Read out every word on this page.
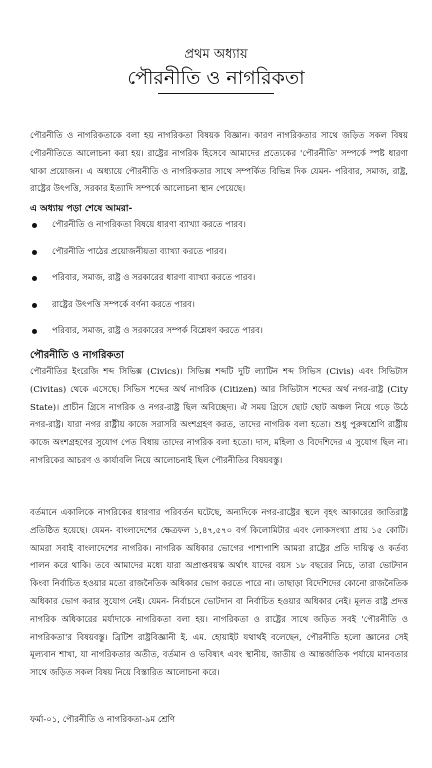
প্রথম অধ্যায়
পৌরনীতি ও নাগরিকতা

পৌরনীতি ও নাগরিকতাকে বলা হয় নাগরিকতা বিষয়ক বিজ্ঞান। কারণ নাগরিকতার সাথে জড়িত সকল বিষয় পৌরনীতিতে আলোচনা করা হয়। রাষ্ট্রের নাগরিক হিসেবে আমাদের প্রত্যেকের 'পৌরনীতি' সম্পর্কে স্পষ্ট ধারণা থাকা প্রয়োজন। এ অধ্যায়ে পৌরনীতি ও নাগরিকতার সাথে সম্পর্কিত বিভিন্ন দিক যেমন- পরিবার, সমাজ, রাষ্ট্র, রাষ্ট্রের উৎপত্তি, সরকার ইত্যাদি সম্পর্কে আলোচনা স্থান পেয়েছে।

এ অধ্যায় পড়া শেষে আমরা-

পৌরনীতি ও নাগরিকতা বিষয়ে ধারণা ব্যাখ্যা করতে পারব।
পৌরনীতি পাঠের প্রয়োজনীয়তা ব্যাখ্যা করতে পারব।
পরিবার, সমাজ, রাষ্ট্র ও সরকারের ধারণা ব্যাখ্যা করতে পারব।
রাষ্ট্রের উৎপত্তি সম্পর্কে বর্ণনা করতে পারব।
পরিবার, সমাজ, রাষ্ট্র ও সরকারের সম্পর্ক বিশ্লেষণ করতে পারব।

পৌরনীতি ও নাগরিকতা

পৌরনীতির ইংরেজি শব্দ সিভিক্স (Civics)। সিভিক্স শব্দটি দুটি ল্যাটিন শব্দ সিভিস (Civis) এবং সিভিটাস (Civitas) থেকে এসেছে। সিভিস শব্দের অর্থ নাগরিক (Citizen) আর সিভিটাস শব্দের অর্থ নগর-রাষ্ট্র (City State)। প্রাচীন গ্রিসে নাগরিক ও নগর-রাষ্ট্র ছিল অবিচ্ছেদ্য। ঐ সময় গ্রিসে ছোট ছোট অঞ্চল নিয়ে গড়ে উঠে নগর-রাষ্ট্র। যারা নগর রাষ্ট্রীয় কাজে সরাসরি অংশগ্রহণ করত, তাদের নাগরিক বলা হতো। শুধু পুরুষশ্রেণি রাষ্ট্রীয় কাজে অংশগ্রহণের সুযোগ পেত বিধায় তাদের নাগরিক বলা হতো। দাস, মহিলা ও বিদেশিদের এ সুযোগ ছিল না। নাগরিকের আচরণ ও কার্যাবলি নিয়ে আলোচনাই ছিল পৌরনীতির বিষয়বস্তু।

বর্তমানে একালিকে নাগরিকের ধারণার পরিবর্তন ঘটেছে, অন্যদিকে নগর-রাষ্ট্রের স্থলে বৃহৎ আকারের জাতিরাষ্ট্র প্রতিষ্ঠিত হয়েছে। যেমন- বাংলাদেশের ক্ষেত্রফল ১,৪৭,৫৭০ বর্গ কিলোমিটার এবং লোকসংখ্যা প্রায় ১৫ কোটি। আমরা সবাই বাংলাদেশের নাগরিক। নাগরিক অধিকার ভোগের পাশাপাশি আমরা রাষ্ট্রের প্রতি দায়িত্ব ও কর্তব্য পালন করে থাকি। তবে আমাদের মধ্যে যারা অপ্রাপ্তবয়স্ক অর্থাৎ যাদের বয়স ১৮ বছরের নিচে, তারা ভোটদান কিংবা নির্বাচিত হওয়ার মতো রাজনৈতিক অধিকার ভোগ করতে পারে না। তাছাড়া বিদেশিদের কোনো রাজনৈতিক অধিকার ভোগ করার সুযোগ নেই। যেমন- নির্বাচনে ভোটদান বা নির্বাচিত হওয়ার অধিকার নেই। মূলত রাষ্ট্র প্রদত্ত নাগরিক অধিকারের মর্যাদাকে নাগরিকতা বলা হয়। নাগরিকতা ও রাষ্ট্রের সাথে জড়িত সবই 'পৌরনীতি ও নাগরিকতা'র বিষয়বস্তু। ব্রিটিশ রাষ্ট্রবিজ্ঞানী ই. এম. হোয়াইট যথার্থই বলেছেন, পৌরনীতি হলো জ্ঞানের সেই মূল্যবান শাখা, যা নাগরিকতার অতীত, বর্তমান ও ভবিষ্যৎ এবং স্থানীয়, জাতীয় ও আন্তর্জাতিক পর্যায়ে মানবতার সাথে জড়িত সকল বিষয় নিয়ে বিস্তারিত আলোচনা করে।

ফর্মা-০১, পৌরনীতি ও নাগরিকতা-৯ম শ্রেণি
